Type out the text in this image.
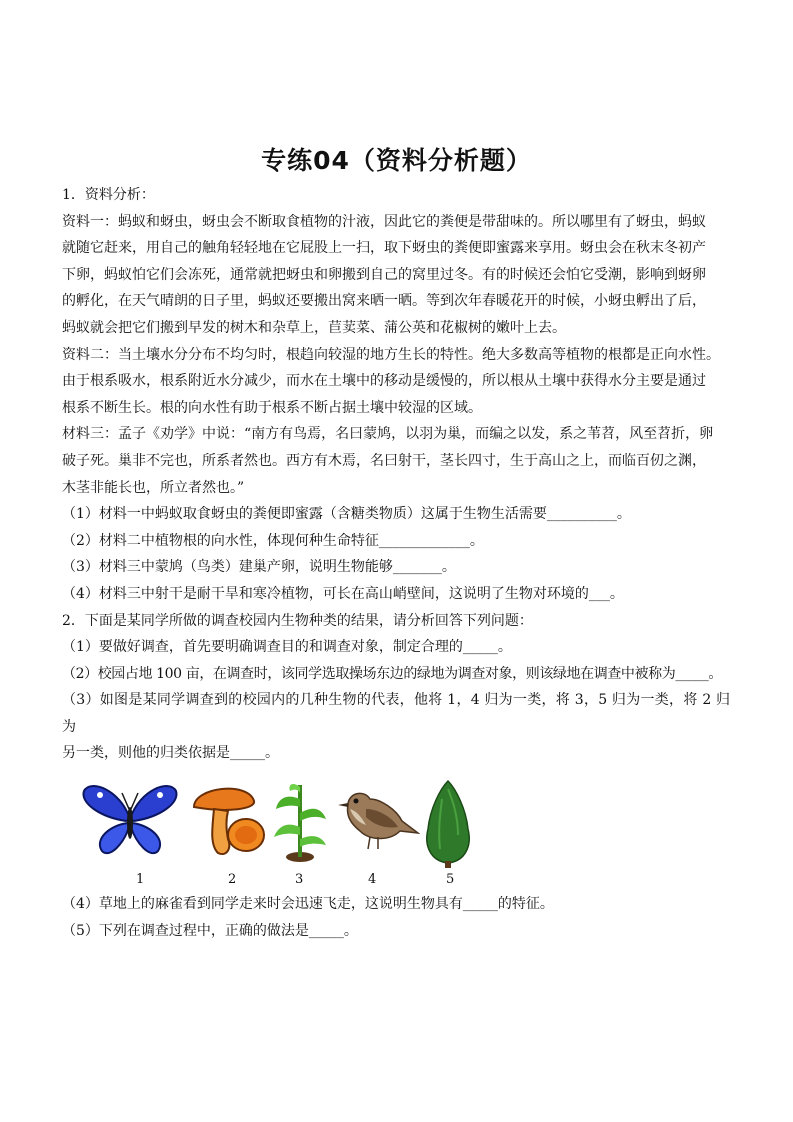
专练04（资料分析题）

1．资料分析：

资料一：蚂蚁和蚜虫，蚜虫会不断取食植物的汁液，因此它的粪便是带甜味的。所以哪里有了蚜虫，蚂蚁

就随它赶来，用自己的触角轻轻地在它屁股上一扫，取下蚜虫的粪便即蜜露来享用。蚜虫会在秋末冬初产

下卵，蚂蚁怕它们会冻死，通常就把蚜虫和卵搬到自己的窝里过冬。有的时候还会怕它受潮，影响到蚜卵

的孵化，在天气晴朗的日子里，蚂蚁还要搬出窝来晒一晒。等到次年春暖花开的时候，小蚜虫孵出了后，

蚂蚁就会把它们搬到早发的树木和杂草上，苣荬菜、蒲公英和花椒树的嫩叶上去。

资料二：当土壤水分分布不均匀时，根趋向较湿的地方生长的特性。绝大多数高等植物的根都是正向水性。

由于根系吸水，根系附近水分减少，而水在土壤中的移动是缓慢的，所以根从土壤中获得水分主要是通过

根系不断生长。根的向水性有助于根系不断占据土壤中较湿的区域。

材料三：孟子《劝学》中说：“南方有鸟焉，名曰蒙鸠，以羽为巢，而编之以发，系之苇苕，风至苕折，卵

破子死。巢非不完也，所系者然也。西方有木焉，名曰射干，茎长四寸，生于高山之上，而临百仞之渊，

木茎非能长也，所立者然也。”

（1）材料一中蚂蚁取食蚜虫的粪便即蜜露（含糖类物质）这属于生物生活需要__________。

（2）材料二中植物根的向水性，体现何种生命特征_____________。

（3）材料三中蒙鸠（鸟类）建巢产卵，说明生物能够_______。

（4）材料三中射干是耐干旱和寒冷植物，可长在高山峭壁间，这说明了生物对环境的___。

2．下面是某同学所做的调查校园内生物种类的结果，请分析回答下列问题：

（1）要做好调查，首先要明确调查目的和调查对象，制定合理的_____。

（2）校园占地 100 亩，在调查时，该同学选取操场东边的绿地为调查对象，则该绿地在调查中被称为_____。

（3）如图是某同学调查到的校园内的几种生物的代表，他将 1，4 归为一类，将 3，5 归为一类，将 2 归为

另一类，则他的归类依据是_____。

1	2	3	4	5

（4）草地上的麻雀看到同学走来时会迅速飞走，这说明生物具有_____的特征。

（5）下列在调查过程中，正确的做法是_____。
